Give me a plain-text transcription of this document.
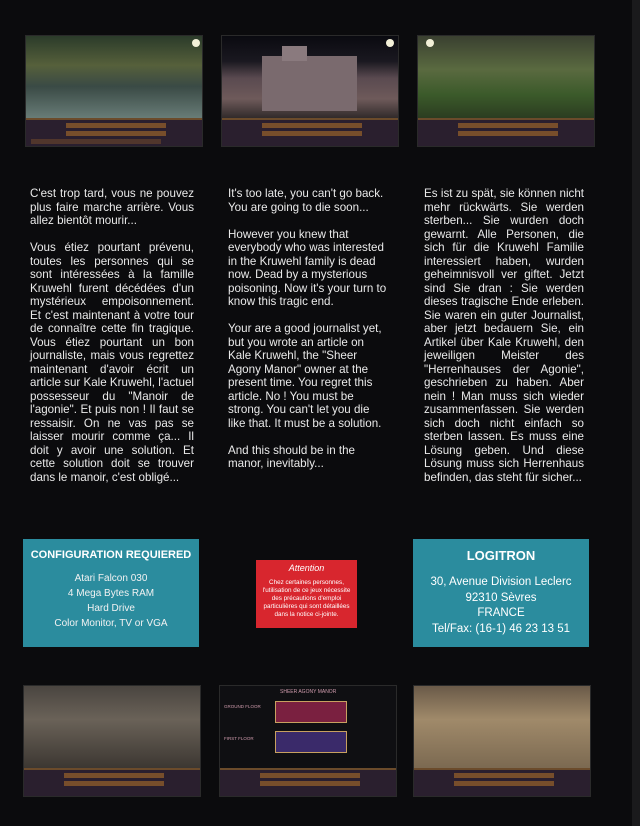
C'est trop tard, vous ne pouvez plus faire marche arrière. Vous allez bientôt mourir...

Vous étiez pourtant prévenu, toutes les personnes qui se sont intéressées à la famille Kruwehl furent décédées d'un mystérieux empoisonnement. Et c'est maintenant à votre tour de connaître cette fin tragique. Vous étiez pourtant un bon journaliste, mais vous regrettez maintenant d'avoir écrit un article sur Kale Kruwehl, l'actuel possesseur du "Manoir de l'agonie". Et puis non ! Il faut se ressaisir. On ne vas pas se laisser mourir comme ça... Il doit y avoir une solution. Et cette solution doit se trouver dans le manoir, c'est obligé...

It's too late, you can't go back. You are going to die soon...

However you knew that everybody who was interested in the Kruwehl family is dead now. Dead by a mysterious poisoning. Now it's your turn to know this tragic end.

Your are a good journalist yet, but you wrote an article on Kale Kruwehl, the "Sheer Agony Manor" owner at the present time. You regret this article. No ! You must be strong. You can't let you die like that. It must be a solution.

And this should be in the manor, inevitably...

Es ist zu spät, sie können nicht mehr rückwärts. Sie werden sterben... Sie wurden doch gewarnt. Alle Personen, die sich für die Kruwehl Familie interessiert haben, wurden geheimnisvoll ver giftet. Jetzt sind Sie dran : Sie werden dieses tragische Ende erleben. Sie waren ein guter Journalist, aber jetzt bedauern Sie, ein Artikel über Kale Kruwehl, den jeweiligen Meister des "Herrenhauses der Agonie", geschrieben zu haben. Aber nein ! Man muss sich wieder zusammenfassen. Sie werden sich doch nicht einfach so sterben lassen. Es muss eine Lösung geben. Und diese Lösung muss sich Herrenhaus befinden, das steht für sicher...

CONFIGURATION REQUIERED
Atari Falcon 030
4 Mega Bytes RAM
Hard Drive
Color Monitor, TV or VGA
Attention
Chez certaines personnes, l'utilisation de ce jeux nécessite des précautions d'emploi particulières qui sont détaillées dans la notice ci-jointe.
LOGITRON
30, Avenue Division Leclerc
92310 Sèvres
FRANCE
Tel/Fax: (16-1) 46 23 13 51
SHEER AGONY MANOR
GROUND FLOOR
FIRST FLOOR
